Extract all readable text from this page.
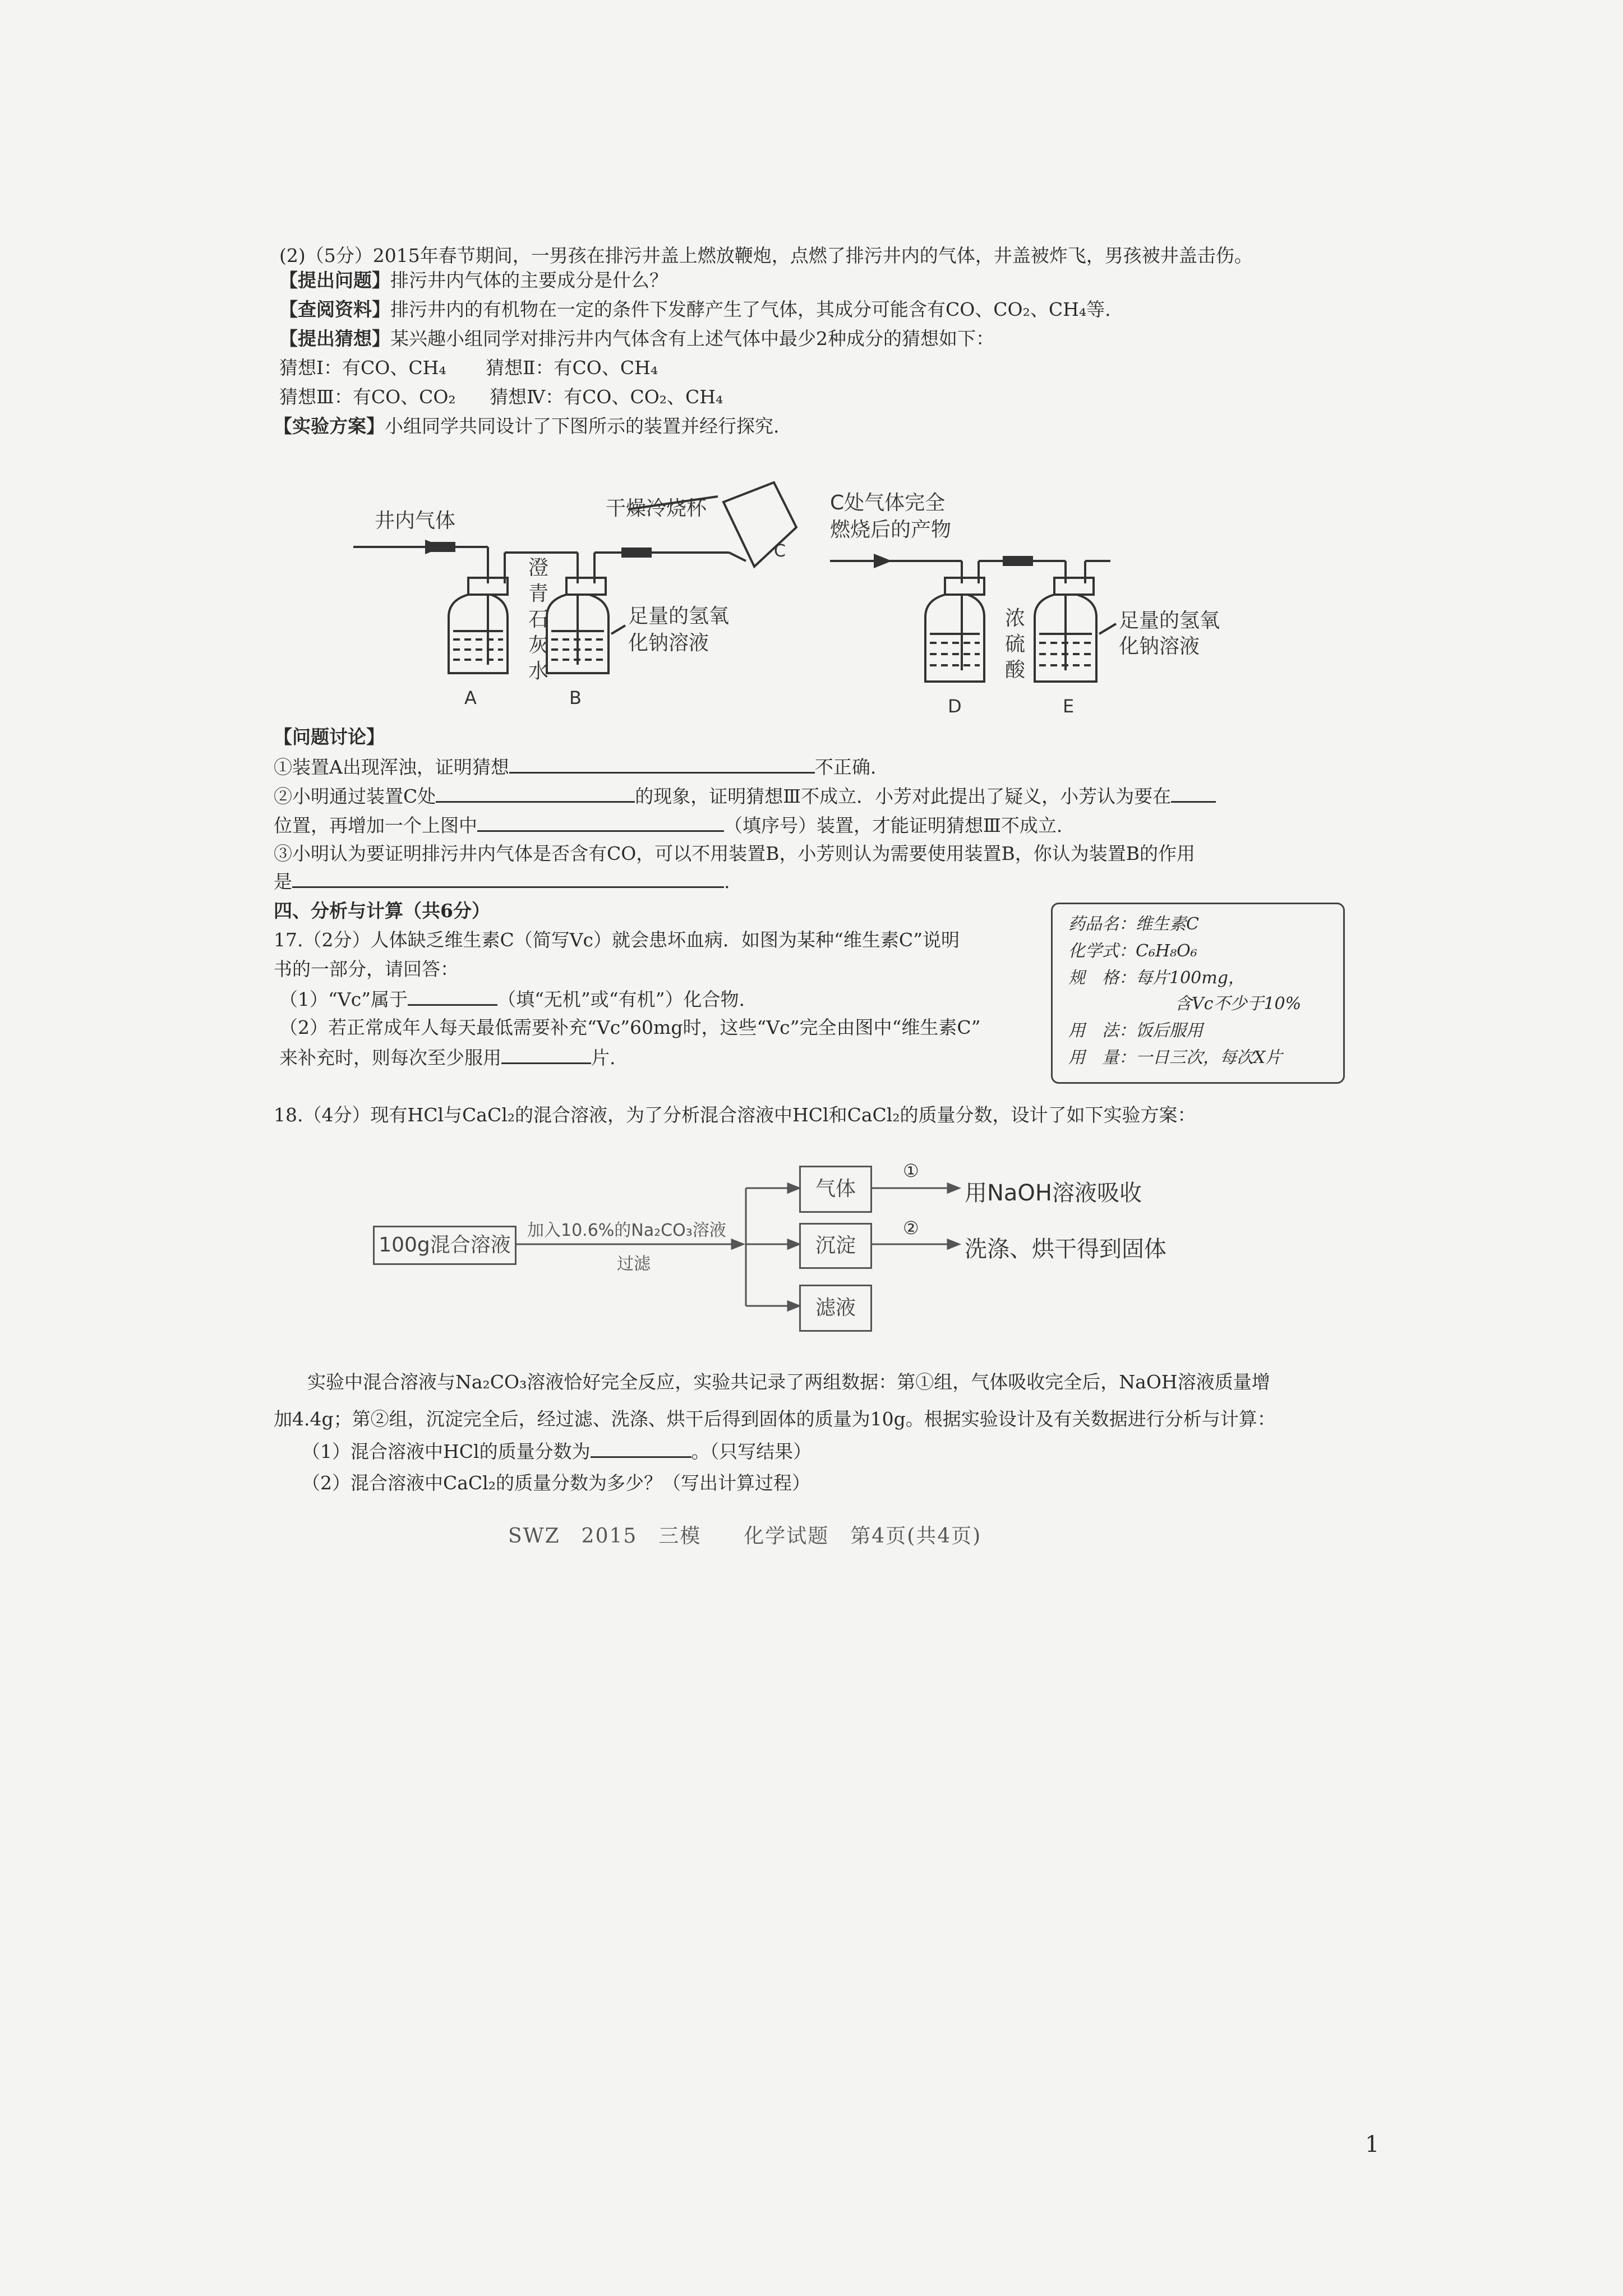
(2)（5分）2015年春节期间，一男孩在排污井盖上燃放鞭炮，点燃了排污井内的气体，井盖被炸飞，男孩被井盖击伤。
【提出问题】排污井内气体的主要成分是什么？
【查阅资料】排污井内的有机物在一定的条件下发酵产生了气体，其成分可能含有CO、CO₂、CH₄等.
【提出猜想】某兴趣小组同学对排污井内气体含有上述气体中最少2种成分的猜想如下：
猜想Ⅰ：有CO、CH₄ 猜想Ⅱ：有CO、CH₄
猜想Ⅲ：有CO、CO₂ 猜想Ⅳ：有CO、CO₂、CH₄
【实验方案】小组同学共同设计了下图所示的装置并经行探究.
井内气体
干燥冷烧杯
C
澄
青
石
灰
水
足量的氢氧
化钠溶液
A	B
C处气体完全
燃烧后的产物
浓
硫
酸
足量的氢氧
化钠溶液
D	E
【问题讨论】
①装置A出现浑浊，证明猜想	不正确.
②小明通过装置C处	的现象，证明猜想Ⅲ不成立．小芳对此提出了疑义，小芳认为要在
位置，再增加一个上图中	（填序号）装置，才能证明猜想Ⅲ不成立.
③小明认为要证明排污井内气体是否含有CO，可以不用装置B，小芳则认为需要使用装置B，你认为装置B的作用
是	.
四、分析与计算（共6分）
17.（2分）人体缺乏维生素C（简写Vc）就会患坏血病．如图为某种“维生素C”说明
书的一部分，请回答：
（1）“Vc”属于	（填“无机”或“有机”）化合物.
（2）若正常成年人每天最低需要补充“Vc”60mg时，这些“Vc”完全由图中“维生素C”
来补充时，则每次至少服用	片.
药品名：维生素C
化学式：C₆H₈O₆
规　格：每片100mg，
含Vc不少于10%
用　法：饭后服用
用　量：一日三次，每次X片
18.（4分）现有HCl与CaCl₂的混合溶液，为了分析混合溶液中HCl和CaCl₂的质量分数，设计了如下实验方案：
100g混合溶液
加入10.6%的Na₂CO₃溶液
过滤
气体
沉淀
滤液
①
②
用NaOH溶液吸收
洗涤、烘干得到固体
实验中混合溶液与Na₂CO₃溶液恰好完全反应，实验共记录了两组数据：第①组，气体吸收完全后，NaOH溶液质量增
加4.4g；第②组，沉淀完全后，经过滤、洗涤、烘干后得到固体的质量为10g。根据实验设计及有关数据进行分析与计算：
（1）混合溶液中HCl的质量分数为	。（只写结果）
（2）混合溶液中CaCl₂的质量分数为多少？（写出计算过程）
SWZ　2015　三模　　化学试题　第4页(共4页)
1
